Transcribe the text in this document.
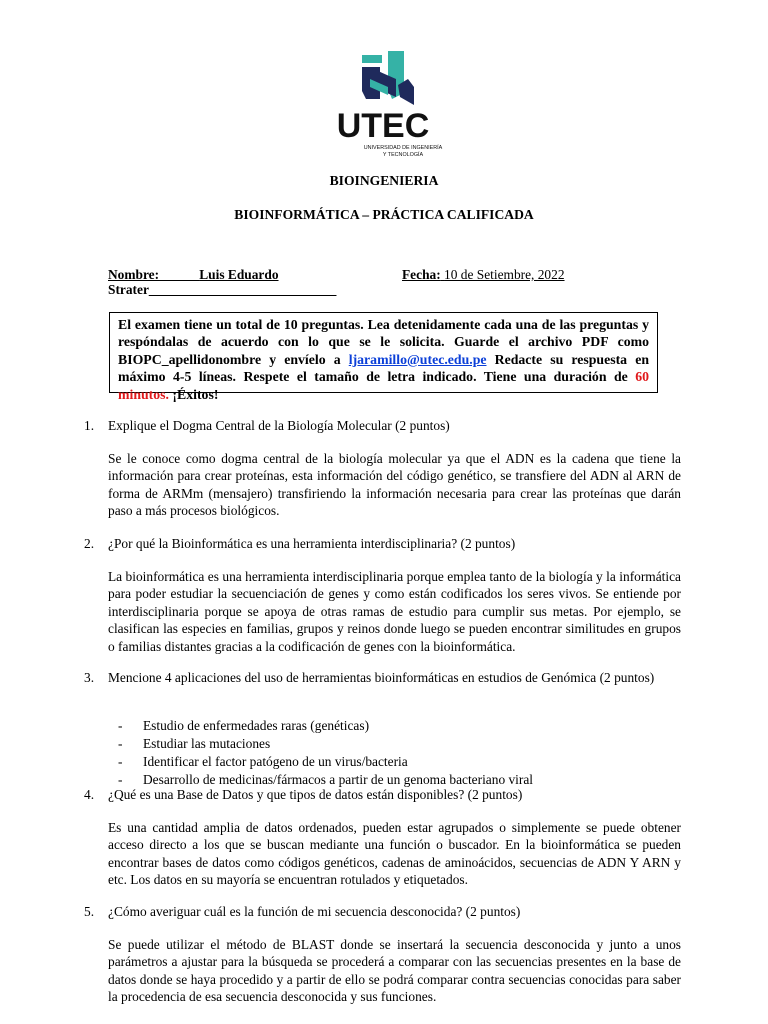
UTEC
UNIVERSIDAD DE INGENIERÍA
Y TECNOLOGÍA
BIOINGENIERIA
BIOINFORMÁTICA – PRÁCTICA CALIFICADA
Nombre:______Luis Eduardo
Strater____________________________
Fecha: 10 de Setiembre, 2022
El examen tiene un total de 10 preguntas. Lea detenidamente cada una de las preguntas y respóndalas de acuerdo con lo que se le solicita. Guarde el archivo PDF como BIOPC_apellidonombre y envíelo a ljaramillo@utec.edu.pe Redacte su respuesta en máximo 4-5 líneas. Respete el tamaño de letra indicado. Tiene una duración de 60 minutos. ¡Éxitos!
1.	Explique el Dogma Central de la Biología Molecular (2 puntos)
Se le conoce como dogma central de la biología molecular ya que el ADN es la cadena que tiene la información para crear proteínas, esta información del código genético, se transfiere del ADN al ARN de forma de ARMm (mensajero) transfiriendo la información necesaria para crear las proteínas que darán paso a más procesos biológicos.
2.	¿Por qué la Bioinformática es una herramienta interdisciplinaria? (2 puntos)
La bioinformática es una herramienta interdisciplinaria porque emplea tanto de la biología y la informática para poder estudiar la secuenciación de genes y como están codificados los seres vivos. Se entiende por interdisciplinaria porque se apoya de otras ramas de estudio para cumplir sus metas. Por ejemplo, se clasifican las especies en familias, grupos y reinos donde luego se pueden encontrar similitudes en grupos o familias distantes gracias a la codificación de genes con la bioinformática.
3.	Mencione 4 aplicaciones del uso de herramientas bioinformáticas en estudios de Genómica (2 puntos)
- Estudio de enfermedades raras (genéticas)
- Estudiar las mutaciones
- Identificar el factor patógeno de un virus/bacteria
- Desarrollo de medicinas/fármacos a partir de un genoma bacteriano viral
4.	¿Qué es una Base de Datos y que tipos de datos están disponibles? (2 puntos)
Es una cantidad amplia de datos ordenados, pueden estar agrupados o simplemente se puede obtener acceso directo a los que se buscan mediante una función o buscador. En la bioinformática se pueden encontrar bases de datos como códigos genéticos, cadenas de aminoácidos, secuencias de ADN Y ARN y etc. Los datos en su mayoría se encuentran rotulados y etiquetados.
5.	¿Cómo averiguar cuál es la función de mi secuencia desconocida? (2 puntos)
Se puede utilizar el método de BLAST donde se insertará la secuencia desconocida y junto a unos parámetros a ajustar para la búsqueda se procederá a comparar con las secuencias presentes en la base de datos donde se haya procedido y a partir de ello se podrá comparar contra secuencias conocidas para saber la procedencia de esa secuencia desconocida y sus funciones.
